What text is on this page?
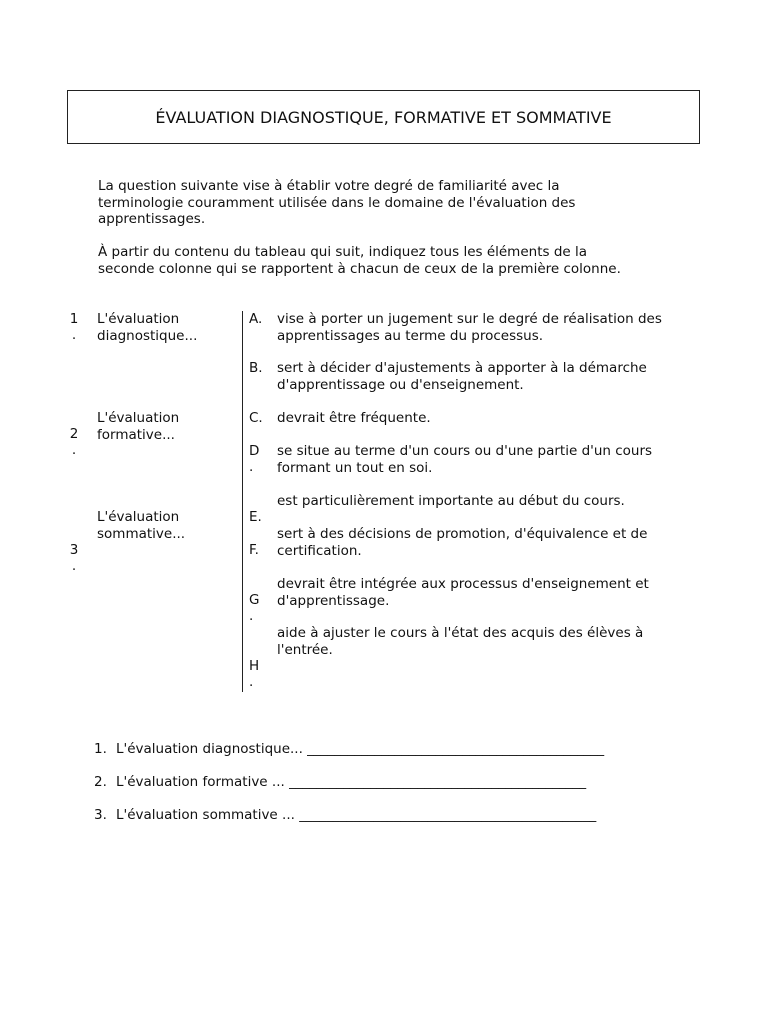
ÉVALUATION DIAGNOSTIQUE, FORMATIVE ET SOMMATIVE
La question suivante vise à établir votre degré de familiarité avec la
terminologie couramment utilisée dans le domaine de l'évaluation des
apprentissages.
À partir du contenu du tableau qui suit, indiquez tous les éléments de la
seconde colonne qui se rapportent à chacun de ceux de la première colonne.
1
.
2
.
3
.
L'évaluation
diagnostique...
L'évaluation
formative...
L'évaluation
sommative...
A.
B.
C.
D
.
E.
F.
G
.
H
.
vise à porter un jugement sur le degré de réalisation des
apprentissages au terme du processus.
sert à décider d'ajustements à apporter à la démarche
d'apprentissage ou d'enseignement.
devrait être fréquente.
se situe au terme d'un cours ou d'une partie d'un cours
formant un tout en soi.
est particulièrement importante au début du cours.
sert à des décisions de promotion, d'équivalence et de
certification.
devrait être intégrée aux processus d'enseignement et
d'apprentissage.
aide à ajuster le cours à l'état des acquis des élèves à
l'entrée.
1. L'évaluation diagnostique... ____________________________________________
2. L'évaluation formative ... ____________________________________________
3. L'évaluation sommative ... ____________________________________________
